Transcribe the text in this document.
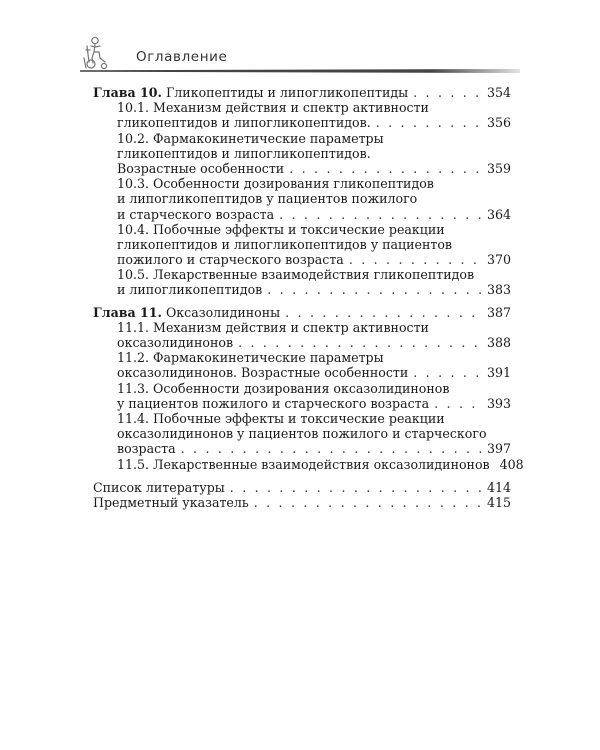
Оглавление
Глава 10. Гликопептиды и липогликопептиды . . .	354
10.1. Механизм действия и спектр активности
гликопептидов и липогликопептидов. . . .	356
10.2. Фармакокинетические параметры
гликопептидов и липогликопептидов.
Возрастные особенности . . .	359
10.3. Особенности дозирования гликопептидов
и липогликопептидов у пациентов пожилого
и старческого возраста . . .	364
10.4. Побочные эффекты и токсические реакции
гликопептидов и липогликопептидов у пациентов
пожилого и старческого возраста . . .	370
10.5. Лекарственные взаимодействия гликопептидов
и липогликопептидов . . .	383
Глава 11. Оксазолидиноны . . .	387
11.1. Механизм действия и спектр активности
оксазолидинонов . . .	388
11.2. Фармакокинетические параметры
оксазолидинонов. Возрастные особенности . . .	391
11.3. Особенности дозирования оксазолидинонов
у пациентов пожилого и старческого возраста . . .	393
11.4. Побочные эффекты и токсические реакции
оксазолидинонов у пациентов пожилого и старческого
возраста . . .	397
11.5. Лекарственные взаимодействия оксазолидинонов 408
Список литературы . . .	414
Предметный указатель . . .	415
